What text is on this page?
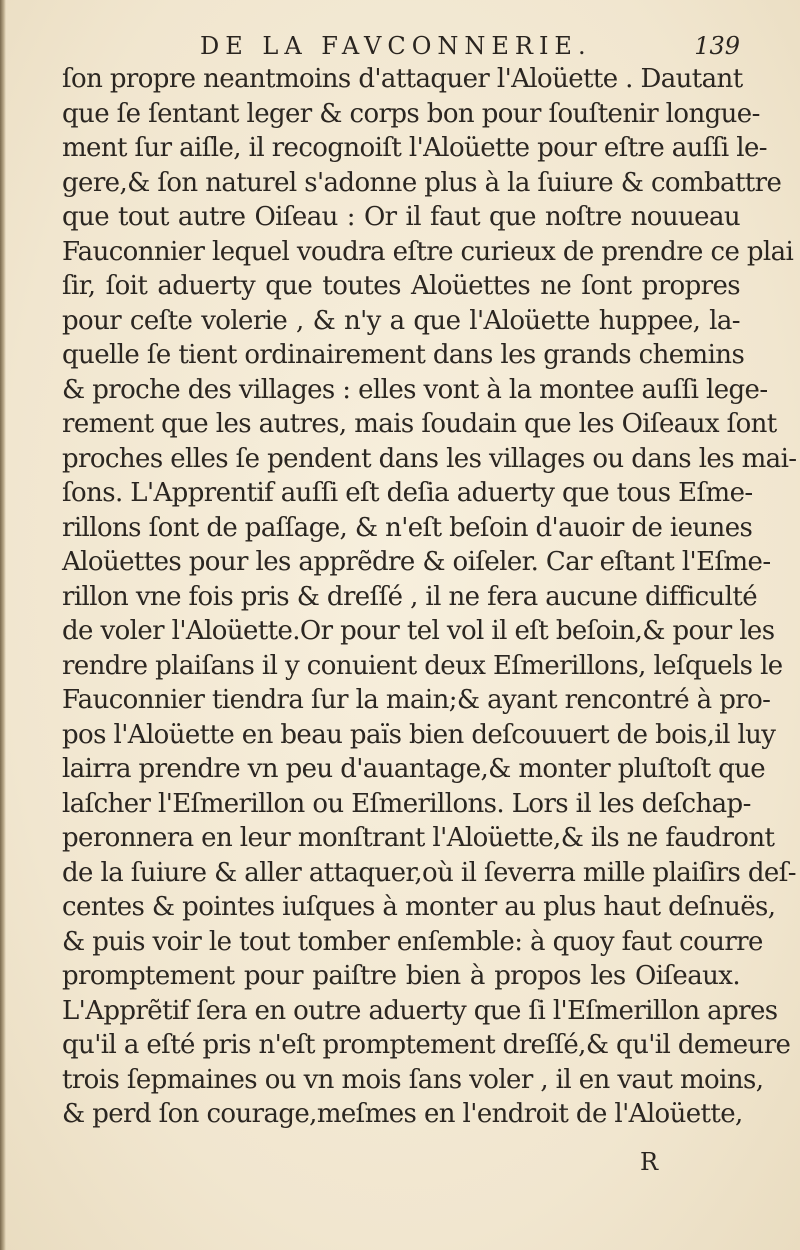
DE LA FAVCONNERIE.	139
ſon propre neantmoins d'attaquer l'Aloüette . Dautant
que ſe ſentant leger & corps bon pour ſouſtenir longue-
ment ſur aiſle, il recognoiſt l'Aloüette pour eſtre auſſi le-
gere,& ſon naturel s'adonne plus à la ſuiure & combattre
que tout autre Oiſeau : Or il faut que noſtre nouueau
Fauconnier lequel voudra eſtre curieux de prendre ce plai
ſir, ſoit aduerty que toutes Aloüettes ne ſont propres
pour ceſte volerie , & n'y a que l'Aloüette huppee, la-
quelle ſe tient ordinairement dans les grands chemins
& proche des villages : elles vont à la montee auſſi lege-
rement que les autres, mais ſoudain que les Oiſeaux ſont
proches elles ſe pendent dans les villages ou dans les mai-
ſons. L'Apprentif auſſi eſt deſia aduerty que tous Eſme-
rillons ſont de paſſage, & n'eſt beſoin d'auoir de ieunes
Aloüettes pour les apprẽdre & oiſeler. Car eſtant l'Eſme-
rillon vne fois pris & dreſſé , il ne fera aucune difficulté
de voler l'Aloüette.Or pour tel vol il eſt beſoin,& pour les
rendre plaiſans il y conuient deux Eſmerillons, leſquels le
Fauconnier tiendra ſur la main;& ayant rencontré à pro-
pos l'Aloüette en beau païs bien deſcouuert de bois,il luy
lairra prendre vn peu d'auantage,& monter pluſtoſt que
laſcher l'Eſmerillon ou Eſmerillons. Lors il les deſchap-
peronnera en leur monſtrant l'Aloüette,& ils ne faudront
de la ſuiure & aller attaquer,où il ſeverra mille plaiſirs deſ-
centes & pointes iuſques à monter au plus haut deſnuës,
& puis voir le tout tomber enſemble: à quoy faut courre
promptement pour paiſtre bien à propos les Oiſeaux.
L'Apprẽtif ſera en outre aduerty que ſi l'Eſmerillon apres
qu'il a eſté pris n'eſt promptement dreſſé,& qu'il demeure
trois ſepmaines ou vn mois ſans voler , il en vaut moins,
& perd ſon courage,meſmes en l'endroit de l'Aloüette,
R
